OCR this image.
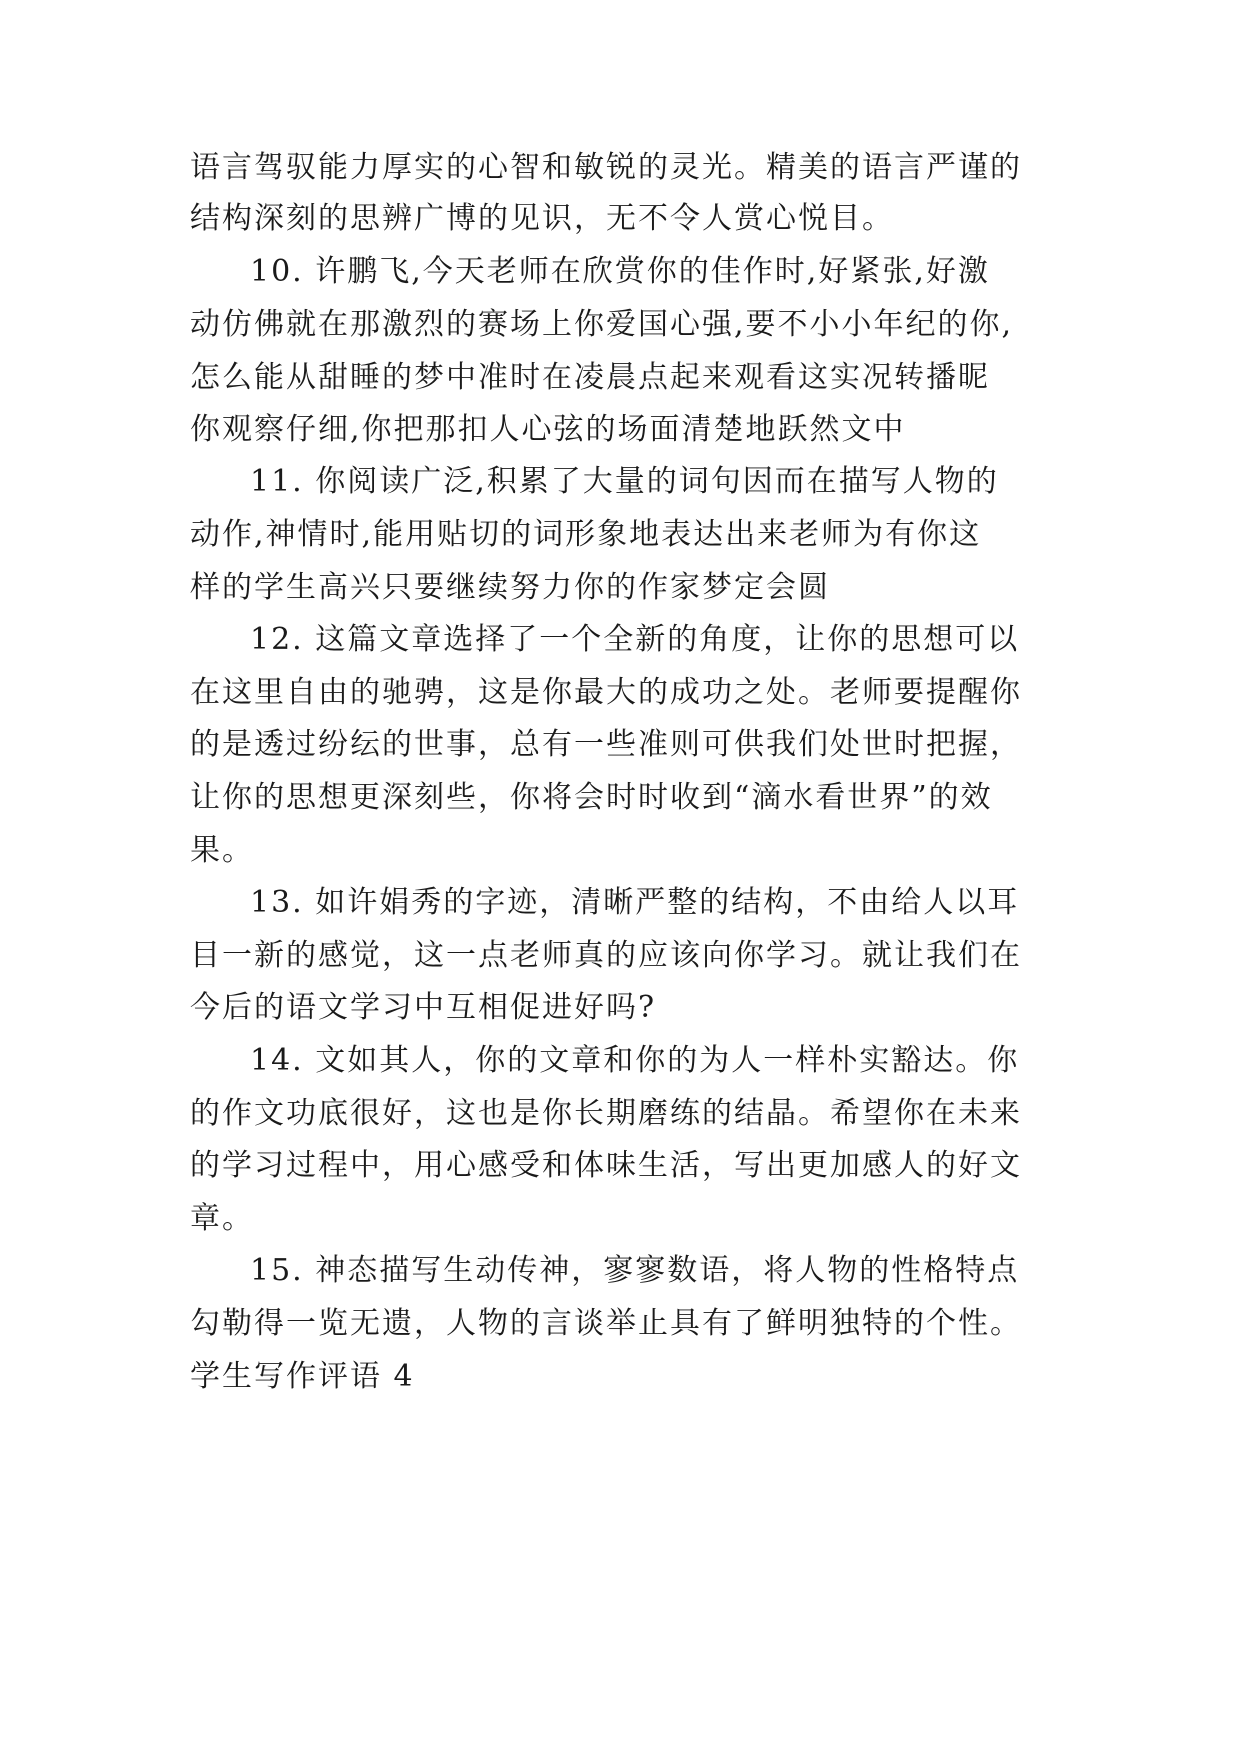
语言驾驭能力厚实的心智和敏锐的灵光。精美的语言严谨的
结构深刻的思辨广博的见识，无不令人赏心悦目。
10. 许鹏飞,今天老师在欣赏你的佳作时,好紧张,好激
动仿佛就在那激烈的赛场上你爱国心强,要不小小年纪的你,
怎么能从甜睡的梦中准时在凌晨点起来观看这实况转播昵
你观察仔细,你把那扣人心弦的场面清楚地跃然文中
11. 你阅读广泛,积累了大量的词句因而在描写人物的
动作,神情时,能用贴切的词形象地表达出来老师为有你这
样的学生高兴只要继续努力你的作家梦定会圆
12. 这篇文章选择了一个全新的角度，让你的思想可以
在这里自由的驰骋，这是你最大的成功之处。老师要提醒你
的是透过纷纭的世事，总有一些准则可供我们处世时把握，
让你的思想更深刻些，你将会时时收到“滴水看世界”的效
果。
13. 如许娟秀的字迹，清晰严整的结构，不由给人以耳
目一新的感觉，这一点老师真的应该向你学习。就让我们在
今后的语文学习中互相促进好吗?
14. 文如其人，你的文章和你的为人一样朴实豁达。你
的作文功底很好，这也是你长期磨练的结晶。希望你在未来
的学习过程中，用心感受和体味生活，写出更加感人的好文
章。
15. 神态描写生动传神，寥寥数语，将人物的性格特点
勾勒得一览无遗，人物的言谈举止具有了鲜明独特的个性。
学生写作评语 4
